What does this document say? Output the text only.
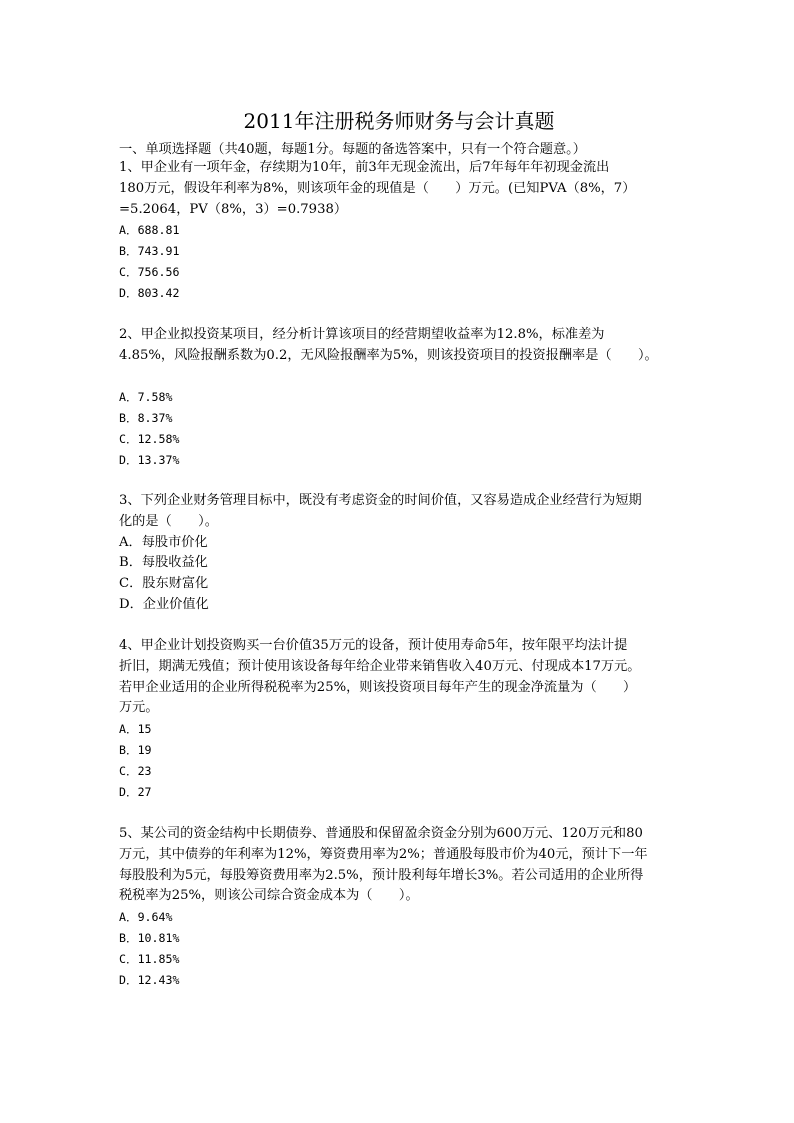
2011年注册税务师财务与会计真题
一、单项选择题（共40题，每题1分。每题的备选答案中，只有一个符合题意。）
1、甲企业有一项年金，存续期为10年，前3年无现金流出，后7年每年年初现金流出
180万元，假设年利率为8%，则该项年金的现值是（　　）万元。(已知PVA（8%，7）
=5.2064，PV（8%，3）=0.7938）
A．688.81
B．743.91
C．756.56
D．803.42
2、甲企业拟投资某项目，经分析计算该项目的经营期望收益率为12.8%，标准差为
4.85%，风险报酬系数为0.2，无风险报酬率为5%，则该投资项目的投资报酬率是（　　）。
A．7.58%
B．8.37%
C．12.58%
D．13.37%
3、下列企业财务管理目标中，既没有考虑资金的时间价值，又容易造成企业经营行为短期
化的是（　　）。
A．每股市价化
B．每股收益化
C．股东财富化
D．企业价值化
4、甲企业计划投资购买一台价值35万元的设备，预计使用寿命5年，按年限平均法计提
折旧，期满无残值；预计使用该设备每年给企业带来销售收入40万元、付现成本17万元。
若甲企业适用的企业所得税税率为25%，则该投资项目每年产生的现金净流量为（　　）
万元。
A．15
B．19
C．23
D．27
5、某公司的资金结构中长期债券、普通股和保留盈余资金分别为600万元、120万元和80
万元，其中债券的年利率为12%，筹资费用率为2%；普通股每股市价为40元，预计下一年
每股股利为5元，每股筹资费用率为2.5%，预计股利每年增长3%。若公司适用的企业所得
税税率为25%，则该公司综合资金成本为（　　）。
A．9.64%
B．10.81%
C．11.85%
D．12.43%
